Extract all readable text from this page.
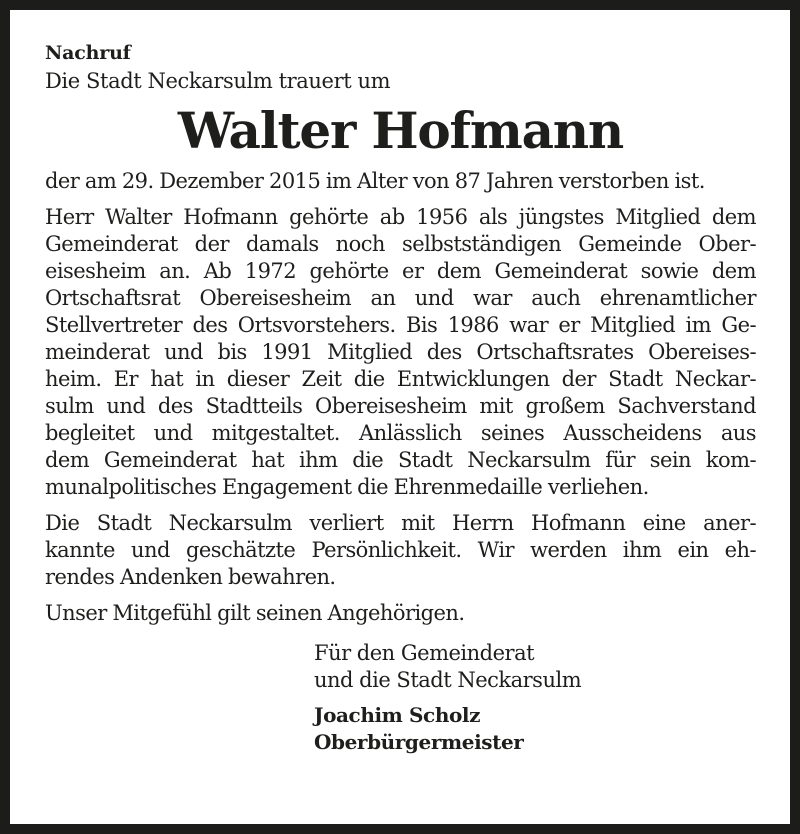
Nachruf

Die Stadt Neckarsulm trauert um

Walter Hofmann

der am 29. Dezember 2015 im Alter von 87 Jahren verstorben ist.

Herr Walter Hofmann gehörte ab 1956 als jüngstes Mitglied dem
Gemeinderat der damals noch selbstständigen Gemeinde Ober-
eisesheim an. Ab 1972 gehörte er dem Gemeinderat sowie dem
Ortschaftsrat Obereisesheim an und war auch ehrenamtlicher
Stellvertreter des Ortsvorstehers. Bis 1986 war er Mitglied im Ge-
meinderat und bis 1991 Mitglied des Ortschaftsrates Obereises-
heim. Er hat in dieser Zeit die Entwicklungen der Stadt Neckar-
sulm und des Stadtteils Obereisesheim mit großem Sachverstand
begleitet und mitgestaltet. Anlässlich seines Ausscheidens aus
dem Gemeinderat hat ihm die Stadt Neckarsulm für sein kom-
munalpolitisches Engagement die Ehrenmedaille verliehen.

Die Stadt Neckarsulm verliert mit Herrn Hofmann eine aner-
kannte und geschätzte Persönlichkeit. Wir werden ihm ein eh-
rendes Andenken bewahren.

Unser Mitgefühl gilt seinen Angehörigen.

Für den Gemeinderat
und die Stadt Neckarsulm
Joachim Scholz
Oberbürgermeister
